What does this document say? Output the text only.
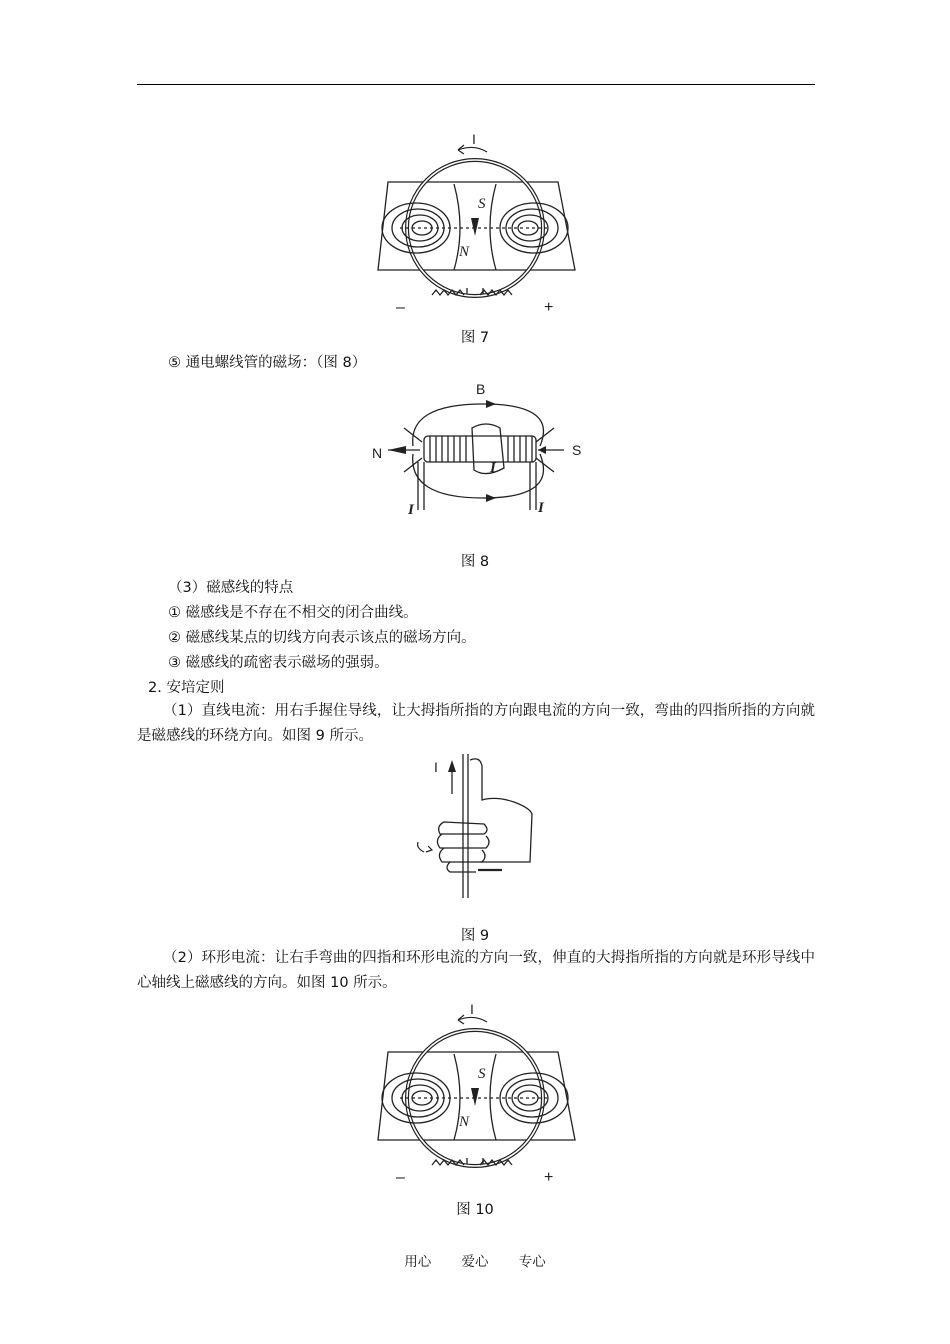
I
S
N
–	+
图 7
⑤ 通电螺线管的磁场：（图 8）
B
N	S
I
I	I
图 8
（3）磁感线的特点
① 磁感线是不存在不相交的闭合曲线。
② 磁感线某点的切线方向表示该点的磁场方向。
③ 磁感线的疏密表示磁场的强弱。
2. 安培定则
（1）直线电流：用右手握住导线，让大拇指所指的方向跟电流的方向一致，弯曲的四指所指的方向就是磁感线的环绕方向。如图 9 所示。
I
图 9
（2）环形电流：让右手弯曲的四指和环形电流的方向一致，伸直的大拇指所指的方向就是环形导线中心轴线上磁感线的方向。如图 10 所示。
I
S
N
–	+
图 10
用心 爱心 专心
